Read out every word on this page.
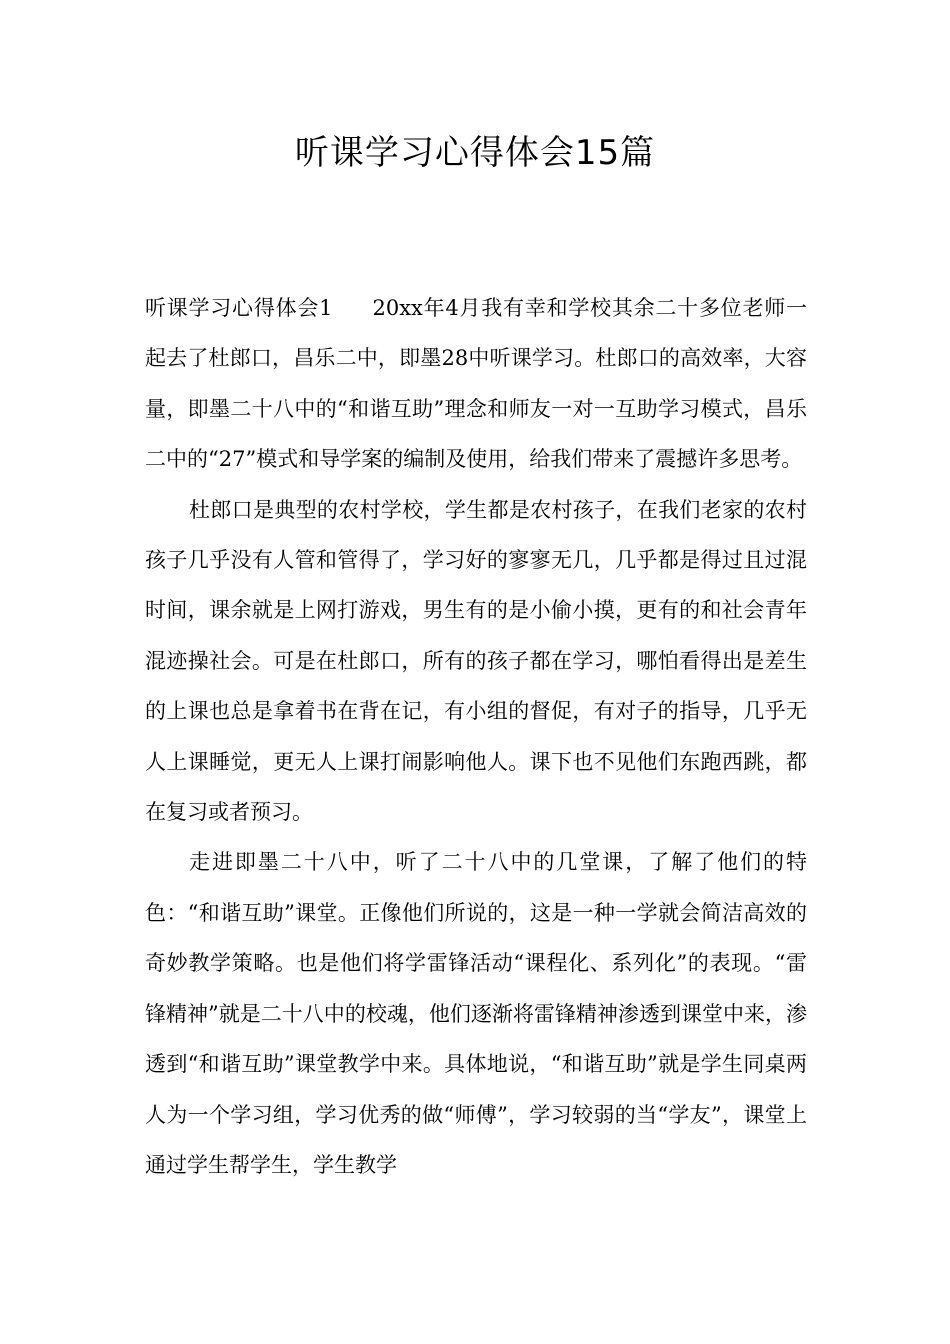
听课学习心得体会15篇

听课学习心得体会1 20xx年4月我有幸和学校其余二十多位老师一起去了杜郎口，昌乐二中，即墨28中听课学习。杜郎口的高效率，大容量，即墨二十八中的“和谐互助”理念和师友一对一互助学习模式，昌乐二中的“27”模式和导学案的编制及使用，给我们带来了震撼许多思考。

杜郎口是典型的农村学校，学生都是农村孩子，在我们老家的农村孩子几乎没有人管和管得了，学习好的寥寥无几，几乎都是得过且过混时间，课余就是上网打游戏，男生有的是小偷小摸，更有的和社会青年混迹操社会。可是在杜郎口，所有的孩子都在学习，哪怕看得出是差生的上课也总是拿着书在背在记，有小组的督促，有对子的指导，几乎无人上课睡觉，更无人上课打闹影响他人。课下也不见他们东跑西跳，都在复习或者预习。

走进即墨二十八中，听了二十八中的几堂课，了解了他们的特色：“和谐互助”课堂。正像他们所说的，这是一种一学就会简洁高效的奇妙教学策略。也是他们将学雷锋活动“课程化、系列化”的表现。“雷锋精神”就是二十八中的校魂，他们逐渐将雷锋精神渗透到课堂中来，渗透到“和谐互助”课堂教学中来。具体地说，“和谐互助”就是学生同桌两人为一个学习组，学习优秀的做“师傅”，学习较弱的当“学友”，课堂上通过学生帮学生，学生教学
